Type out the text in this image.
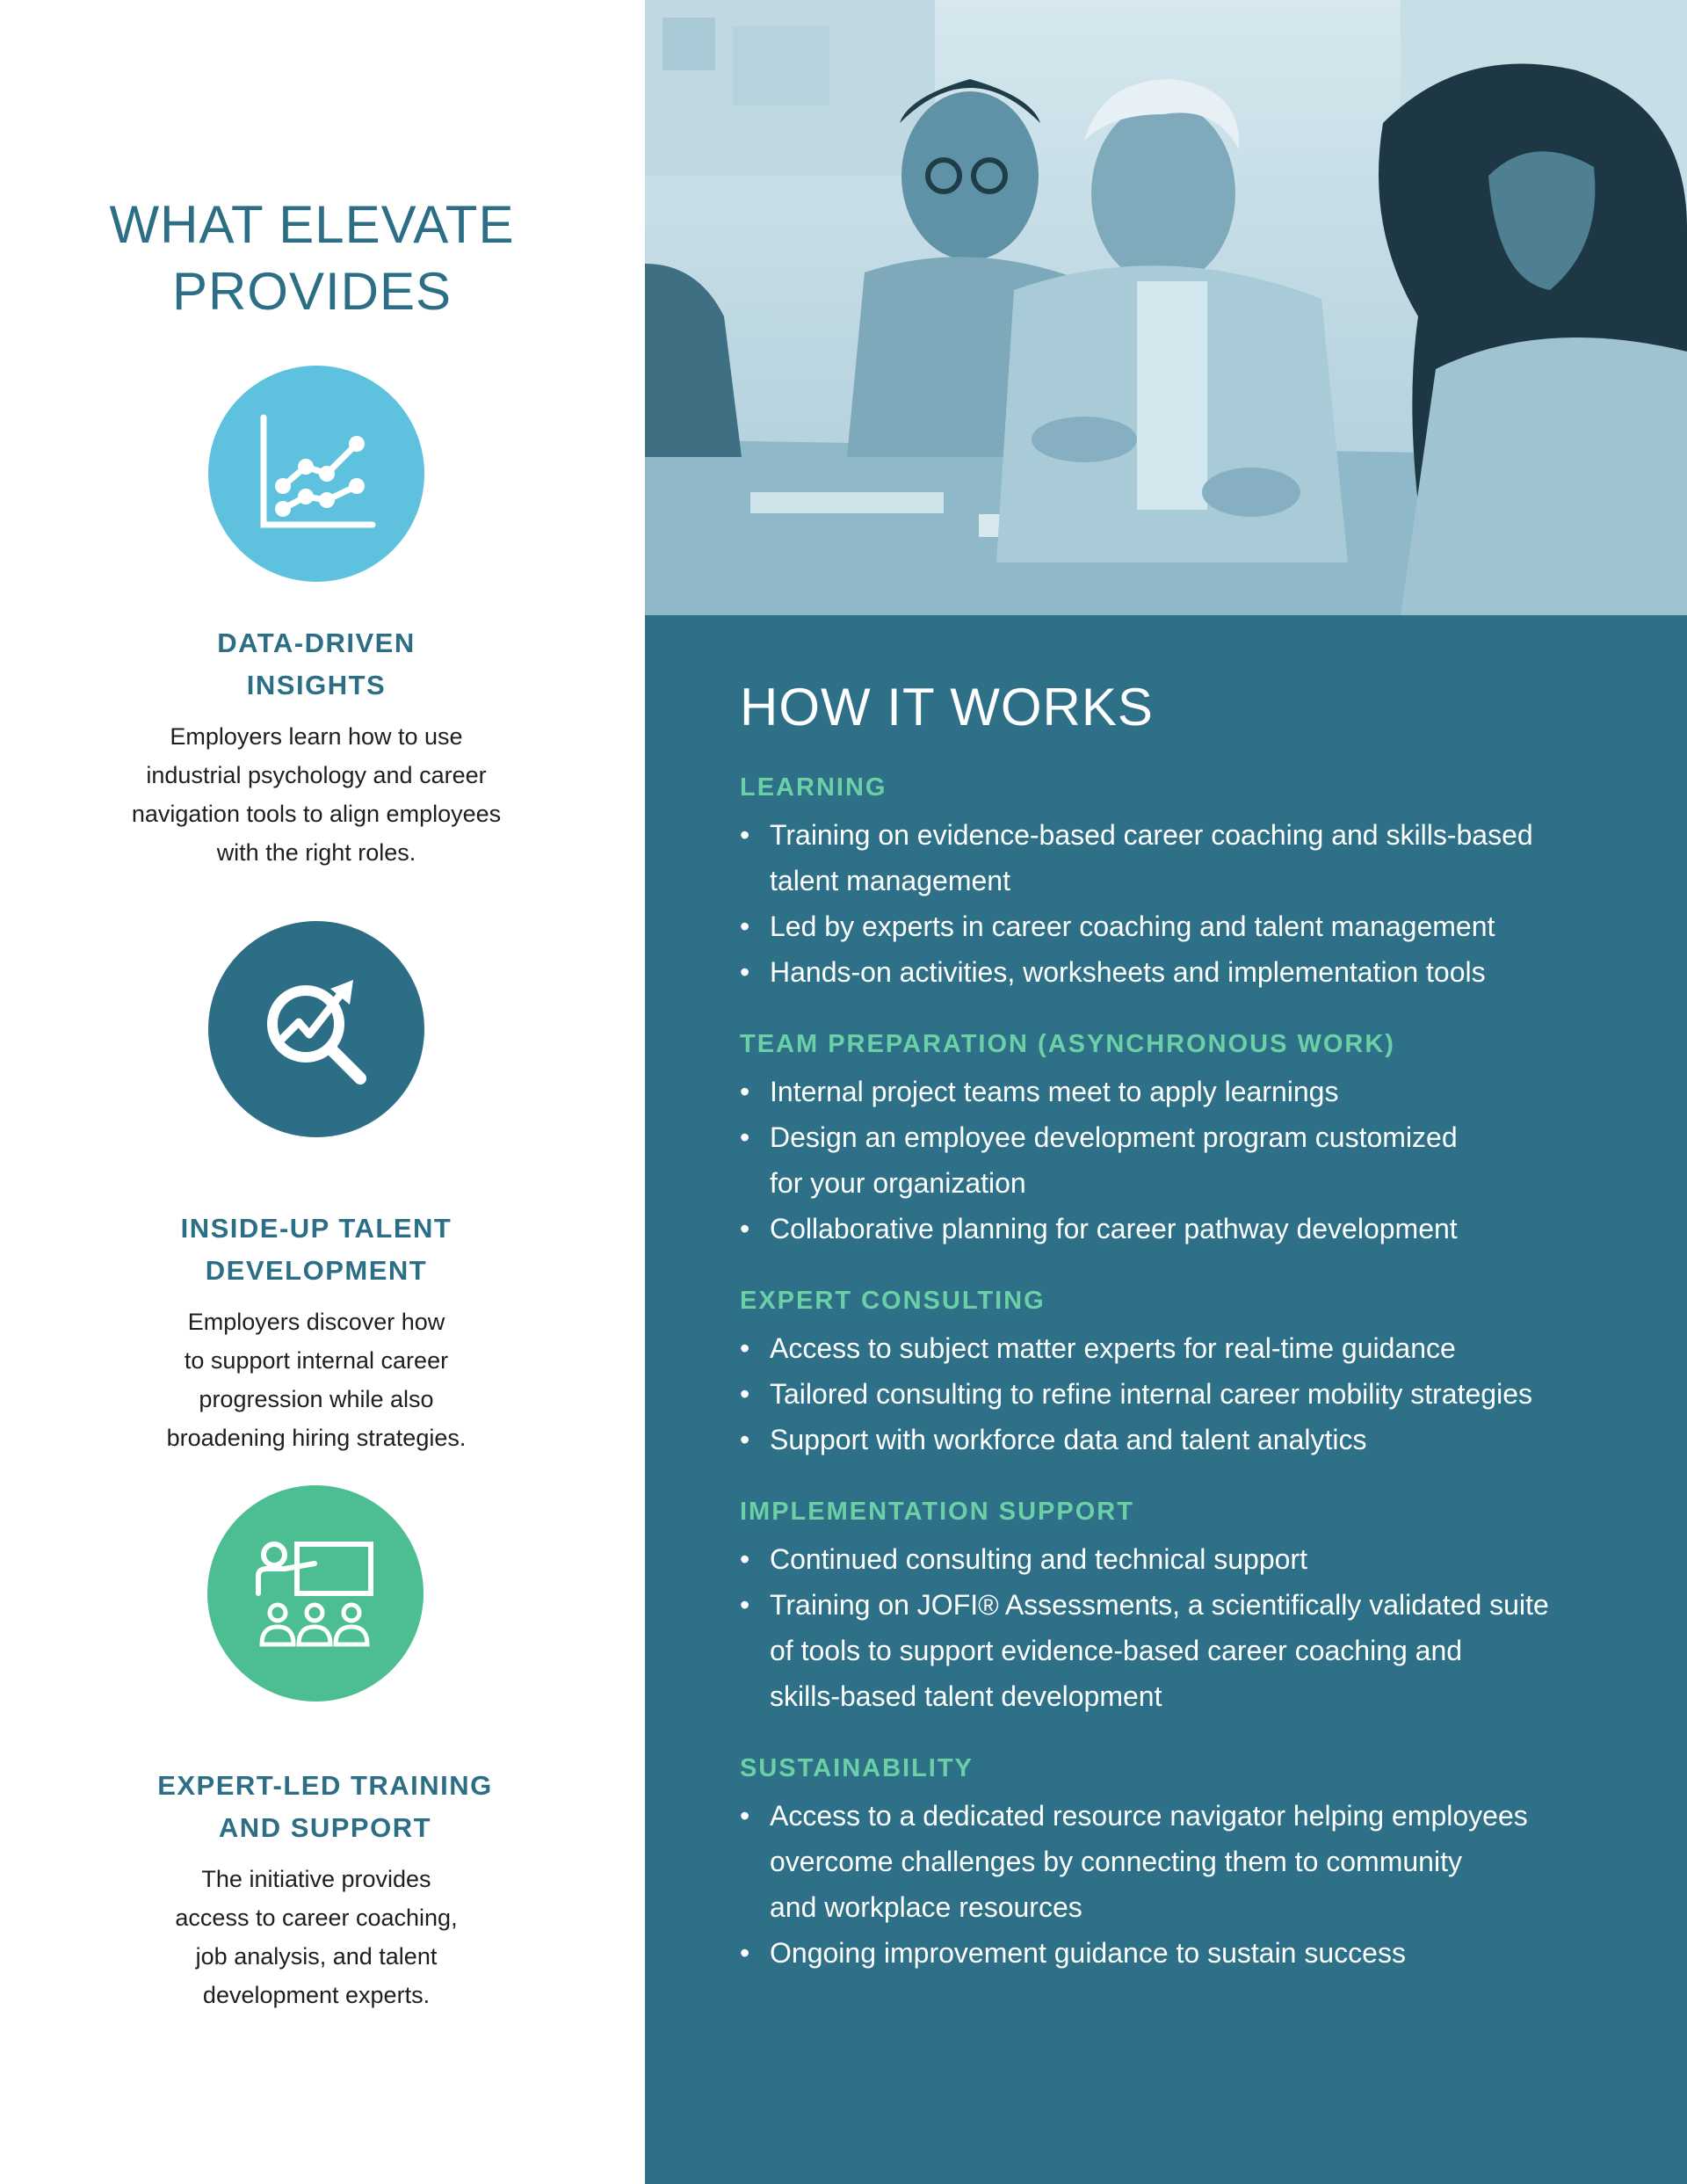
WHAT ELEVATE
PROVIDES
DATA-DRIVEN
INSIGHTS
Employers learn how to use
industrial psychology and career
navigation tools to align employees
with the right roles.
INSIDE-UP TALENT
DEVELOPMENT
Employers discover how
to support internal career
progression while also
broadening hiring strategies.
EXPERT-LED TRAINING
AND SUPPORT
The initiative provides
access to career coaching,
job analysis, and talent
development experts.
HOW IT WORKS
LEARNING
• Training on evidence-based career coaching and skills-based
talent management
• Led by experts in career coaching and talent management
• Hands-on activities, worksheets and implementation tools
TEAM PREPARATION (ASYNCHRONOUS WORK)
• Internal project teams meet to apply learnings
• Design an employee development program customized
for your organization
• Collaborative planning for career pathway development
EXPERT CONSULTING
• Access to subject matter experts for real-time guidance
• Tailored consulting to refine internal career mobility strategies
• Support with workforce data and talent analytics
IMPLEMENTATION SUPPORT
• Continued consulting and technical support
• Training on JOFI® Assessments, a scientifically validated suite
of tools to support evidence-based career coaching and
skills-based talent development
SUSTAINABILITY
• Access to a dedicated resource navigator helping employees
overcome challenges by connecting them to community
and workplace resources
• Ongoing improvement guidance to sustain success
